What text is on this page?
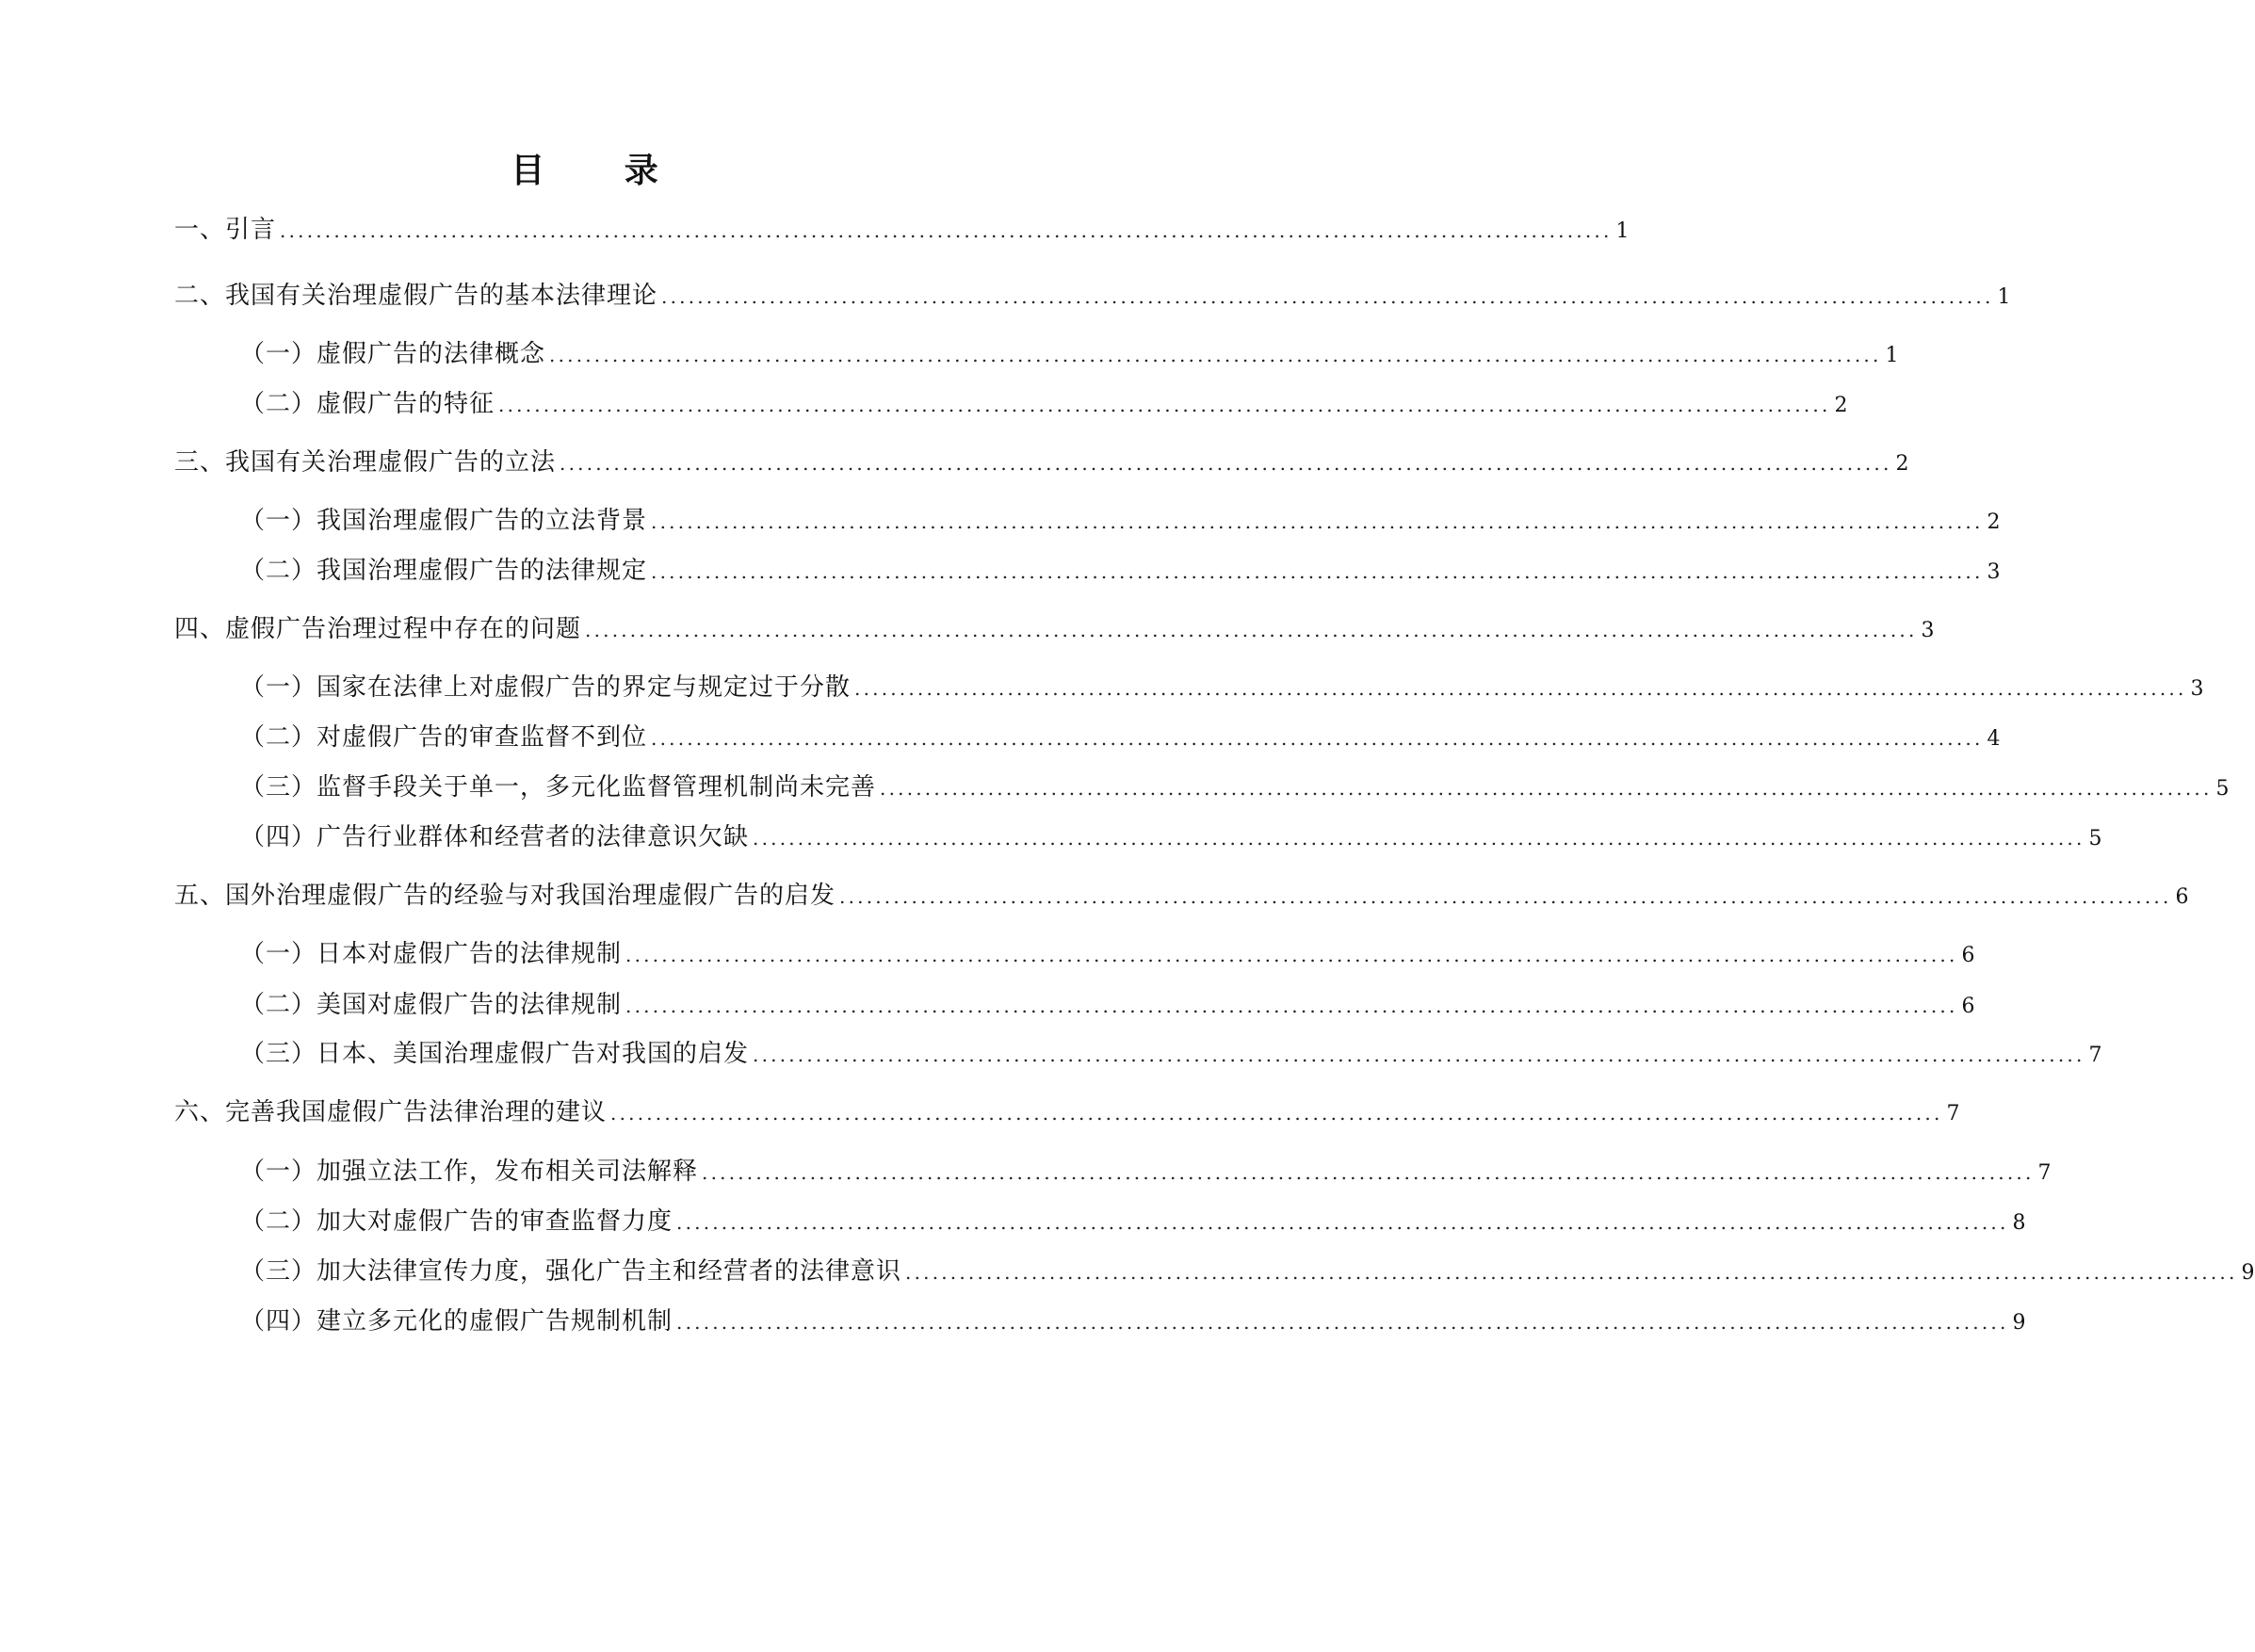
目 录
一、引言 .................................................................................................................................................... 1
二、我国有关治理虚假广告的基本法律理论 .................................................................................................................................................... 1
（一）虚假广告的法律概念 .................................................................................................................................................... 1
（二）虚假广告的特征 .................................................................................................................................................... 2
三、我国有关治理虚假广告的立法 .................................................................................................................................................... 2
（一）我国治理虚假广告的立法背景 .................................................................................................................................................... 2
（二）我国治理虚假广告的法律规定 .................................................................................................................................................... 3
四、虚假广告治理过程中存在的问题 .................................................................................................................................................... 3
（一）国家在法律上对虚假广告的界定与规定过于分散 .................................................................................................................................................... 3
（二）对虚假广告的审查监督不到位 .................................................................................................................................................... 4
（三）监督手段关于单一，多元化监督管理机制尚未完善 .................................................................................................................................................... 5
（四）广告行业群体和经营者的法律意识欠缺 .................................................................................................................................................... 5
五、国外治理虚假广告的经验与对我国治理虚假广告的启发 .................................................................................................................................................... 6
（一）日本对虚假广告的法律规制 .................................................................................................................................................... 6
（二）美国对虚假广告的法律规制 .................................................................................................................................................... 6
（三）日本、美国治理虚假广告对我国的启发 .................................................................................................................................................... 7
六、完善我国虚假广告法律治理的建议 .................................................................................................................................................... 7
（一）加强立法工作，发布相关司法解释 .................................................................................................................................................... 7
（二）加大对虚假广告的审查监督力度 .................................................................................................................................................... 8
（三）加大法律宣传力度，强化广告主和经营者的法律意识 .................................................................................................................................................... 9
（四）建立多元化的虚假广告规制机制 .................................................................................................................................................... 9
